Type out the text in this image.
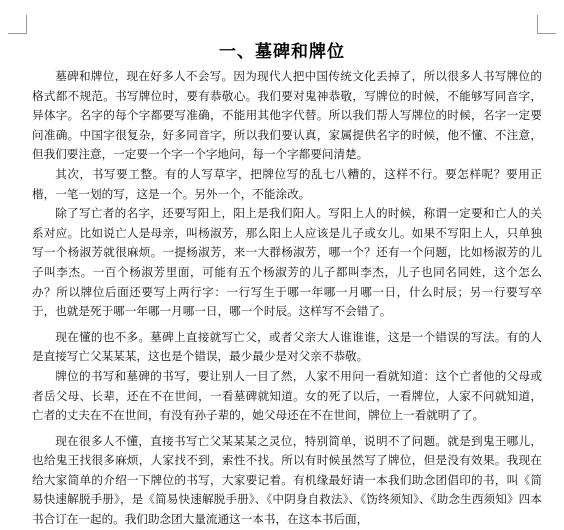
一、墓碑和牌位

墓碑和牌位，现在好多人不会写。因为现代人把中国传统文化丢掉了，所以很多人书写牌位的格式都不规范。书写牌位时，要有恭敬心。我们要对鬼神恭敬，写牌位的时候，不能够写同音字，异体字。名字的每个字都要写准确，不能用其他字代替。所以我们帮人写牌位的时候，名字一定要问准确。中国字很复杂，好多同音字，所以我们要认真，家属提供名字的时候，他不懂、不注意，但我们要注意，一定要一个字一个字地问，每一个字都要问清楚。

其次，书写要工整。有的人写草字，把牌位写的乱七八糟的，这样不行。要怎样呢？要用正楷，一笔一划的写，这是一个。另外一个，不能涂改。

除了写亡者的名字，还要写阳上，阳上是我们阳人。写阳上人的时候，称谓一定要和亡人的关系对应。比如说亡人是母亲，叫杨淑芳，那么阳上人应该是儿子或女儿。如果不写阳上人，只单独写一个杨淑芳就很麻烦。一提杨淑芳，来一大群杨淑芳，哪一个？还有一个问题，比如杨淑芳的儿子叫李杰。一百个杨淑芳里面，可能有五个杨淑芳的儿子都叫李杰，儿子也同名同姓，这个怎么办？所以牌位后面还要写上两行字：一行写生于哪一年哪一月哪一日，什么时辰；另一行要写卒于，也就是死于哪一年哪一月哪一日，哪一个时辰。这样写不会错了。

现在懂的也不多。墓碑上直接就写亡父，或者父亲大人谁谁谁，这是一个错误的写法。有的人是直接写亡父某某某，这也是个错误，最少最少是对父亲不恭敬。

牌位的书写和墓碑的书写，要让别人一目了然，人家不用问一看就知道：这个亡者他的父母或者岳父母、长辈，还在不在世间，一看墓碑就知道。女的死了以后，一看牌位，人家不问就知道，亡者的丈夫在不在世间，有没有孙子辈的，她父母还在不在世间，牌位上一看就明了了。

现在很多人不懂，直接书写亡父某某某之灵位，特别简单，说明不了问题。就是到鬼王哪儿，也给鬼王找很多麻烦，人家找不到，索性不找。所以有时候虽然写了牌位，但是没有效果。我现在给大家简单的介绍一下牌位的书写，大家要记着。有机缘最好请一本我们助念团倡印的书，叫《简易快速解脱手册》，是《简易快速解脱手册》、《中阴身自救法》、《饬终须知》、《助念生西须知》四本书合订在一起的。我们助念团大量流通这一本书，在这本书后面，
